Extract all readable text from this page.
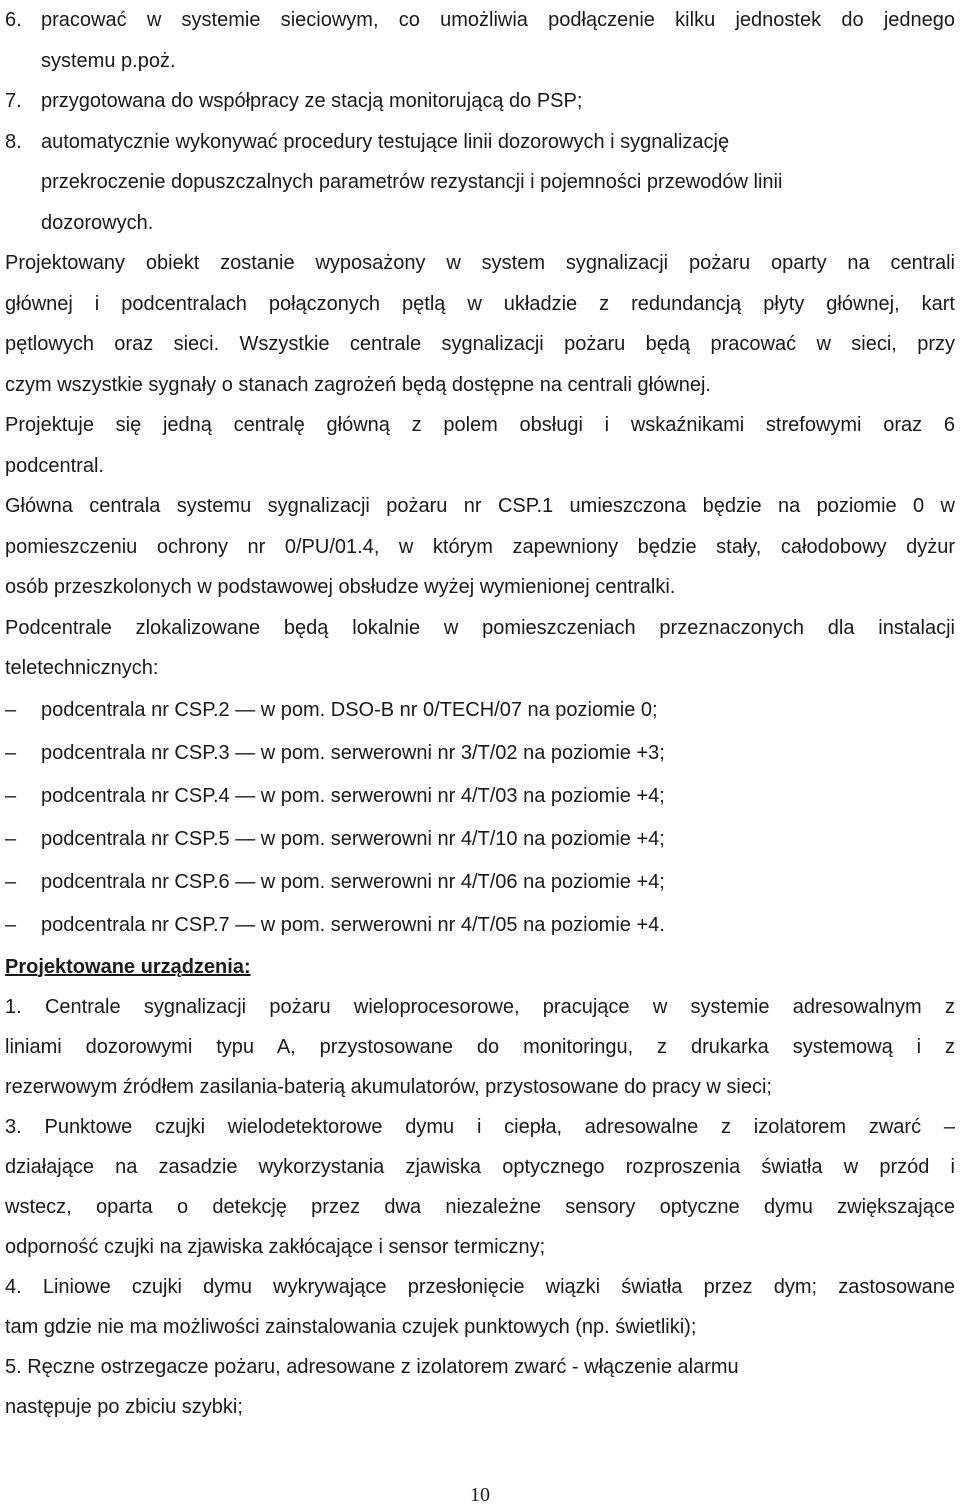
6. pracować w systemie sieciowym, co umożliwia podłączenie kilku jednostek do jednego
systemu p.poż.
7. przygotowana do współpracy ze stacją monitorującą do PSP;
8. automatycznie wykonywać procedury testujące linii dozorowych i sygnalizację
przekroczenie dopuszczalnych parametrów rezystancji i pojemności przewodów linii
dozorowych.
Projektowany obiekt zostanie wyposażony w system sygnalizacji pożaru oparty na centrali
głównej i podcentralach połączonych pętlą w układzie z redundancją płyty głównej, kart
pętlowych oraz sieci. Wszystkie centrale sygnalizacji pożaru będą pracować w sieci, przy
czym wszystkie sygnały o stanach zagrożeń będą dostępne na centrali głównej.
Projektuje się jedną centralę główną z polem obsługi i wskaźnikami strefowymi oraz 6
podcentral.
Główna centrala systemu sygnalizacji pożaru nr CSP.1 umieszczona będzie na poziomie 0 w
pomieszczeniu ochrony nr 0/PU/01.4, w którym zapewniony będzie stały, całodobowy dyżur
osób przeszkolonych w podstawowej obsłudze wyżej wymienionej centralki.
Podcentrale zlokalizowane będą lokalnie w pomieszczeniach przeznaczonych dla instalacji
teletechnicznych:
–	podcentrala nr CSP.2 — w pom. DSO-B nr 0/TECH/07 na poziomie 0;
–	podcentrala nr CSP.3 — w pom. serwerowni nr 3/T/02 na poziomie +3;
–	podcentrala nr CSP.4 — w pom. serwerowni nr 4/T/03 na poziomie +4;
–	podcentrala nr CSP.5 — w pom. serwerowni nr 4/T/10 na poziomie +4;
–	podcentrala nr CSP.6 — w pom. serwerowni nr 4/T/06 na poziomie +4;
–	podcentrala nr CSP.7 — w pom. serwerowni nr 4/T/05 na poziomie +4.
Projektowane urządzenia:
1. Centrale sygnalizacji pożaru wieloprocesorowe, pracujące w systemie adresowalnym z
liniami dozorowymi typu A, przystosowane do monitoringu, z drukarka systemową i z
rezerwowym źródłem zasilania-baterią akumulatorów, przystosowane do pracy w sieci;
3. Punktowe czujki wielodetektorowe dymu i ciepła, adresowalne z izolatorem zwarć –
działające na zasadzie wykorzystania zjawiska optycznego rozproszenia światła w przód i
wstecz, oparta o detekcję przez dwa niezależne sensory optyczne dymu zwiększające
odporność czujki na zjawiska zakłócające i sensor termiczny;
4. Liniowe czujki dymu wykrywające przesłonięcie wiązki światła przez dym; zastosowane
tam gdzie nie ma możliwości zainstalowania czujek punktowych (np. świetliki);
5. Ręczne ostrzegacze pożaru, adresowane z izolatorem zwarć - włączenie alarmu
następuje po zbiciu szybki;
10
